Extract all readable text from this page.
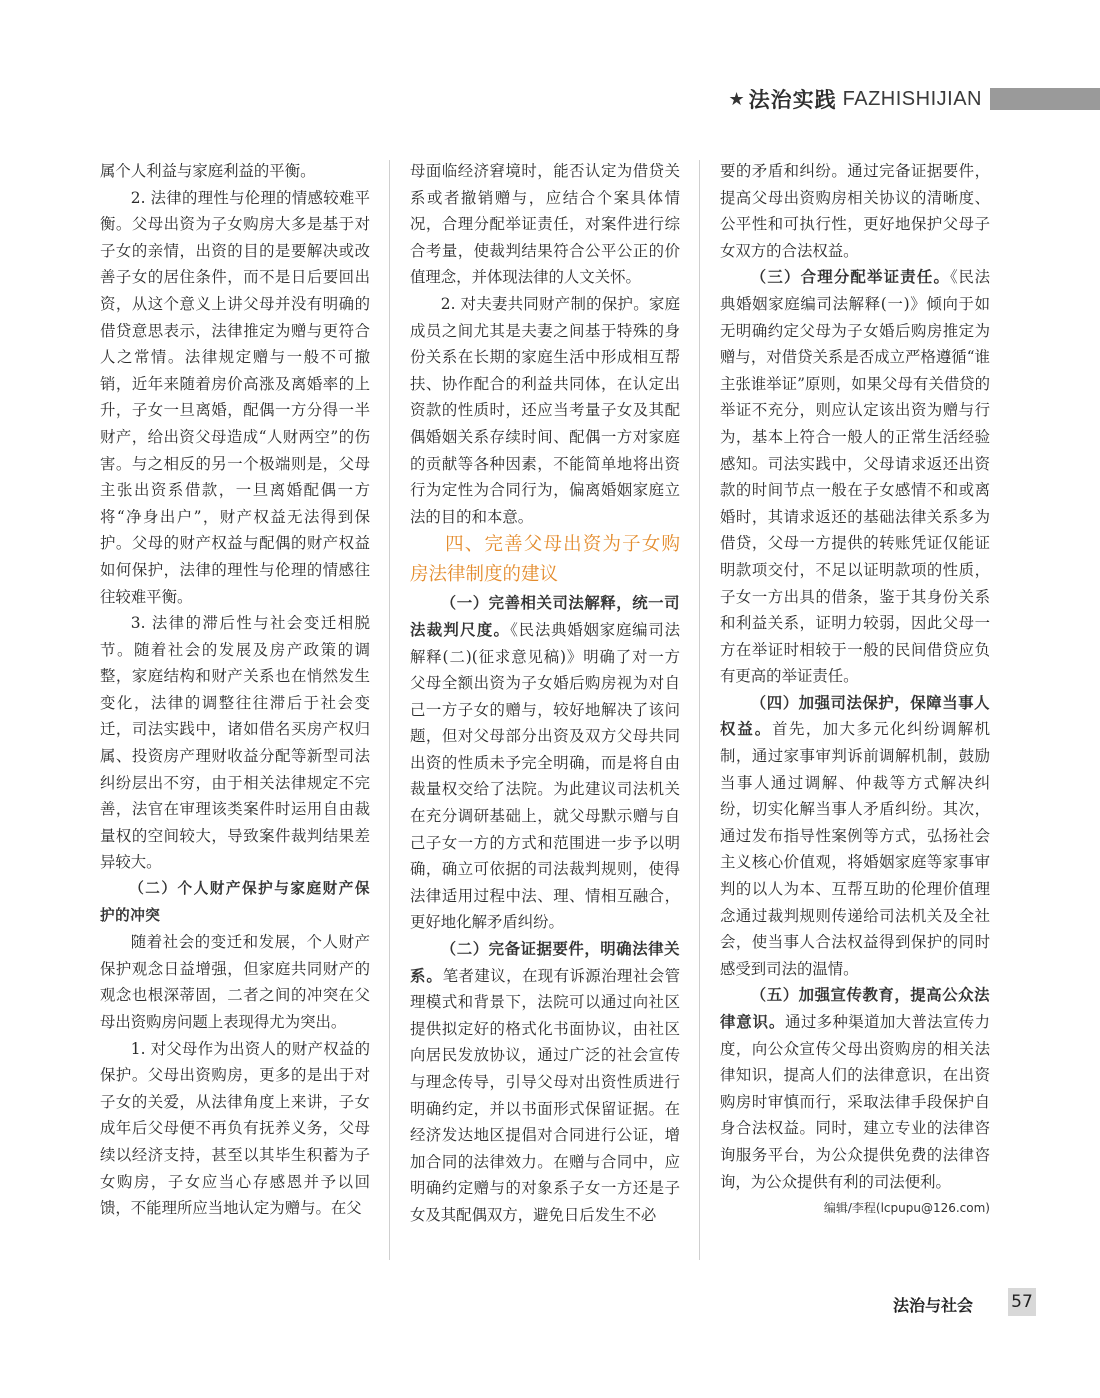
★ 法治实践 FAZHISHIJIAN

属个人利益与家庭利益的平衡。

2. 法律的理性与伦理的情感较难平衡。父母出资为子女购房大多是基于对子女的亲情，出资的目的是要解决或改善子女的居住条件，而不是日后要回出资，从这个意义上讲父母并没有明确的借贷意思表示，法律推定为赠与更符合人之常情。法律规定赠与一般不可撤销，近年来随着房价高涨及离婚率的上升，子女一旦离婚，配偶一方分得一半财产，给出资父母造成“人财两空”的伤害。与之相反的另一个极端则是，父母主张出资系借款，一旦离婚配偶一方将“净身出户”，财产权益无法得到保护。父母的财产权益与配偶的财产权益如何保护，法律的理性与伦理的情感往往较难平衡。

3. 法律的滞后性与社会变迁相脱节。随着社会的发展及房产政策的调整，家庭结构和财产关系也在悄然发生变化，法律的调整往往滞后于社会变迁，司法实践中，诸如借名买房产权归属、投资房产理财收益分配等新型司法纠纷层出不穷，由于相关法律规定不完善，法官在审理该类案件时运用自由裁量权的空间较大，导致案件裁判结果差异较大。

（二）个人财产保护与家庭财产保护的冲突

随着社会的变迁和发展，个人财产保护观念日益增强，但家庭共同财产的观念也根深蒂固，二者之间的冲突在父母出资购房问题上表现得尤为突出。

1. 对父母作为出资人的财产权益的保护。父母出资购房，更多的是出于对子女的关爱，从法律角度上来讲，子女成年后父母便不再负有抚养义务，父母续以经济支持，甚至以其毕生积蓄为子女购房，子女应当心存感恩并予以回馈，不能理所应当地认定为赠与。在父

母面临经济窘境时，能否认定为借贷关系或者撤销赠与，应结合个案具体情况，合理分配举证责任，对案件进行综合考量，使裁判结果符合公平公正的价值理念，并体现法律的人文关怀。

2. 对夫妻共同财产制的保护。家庭成员之间尤其是夫妻之间基于特殊的身份关系在长期的家庭生活中形成相互帮扶、协作配合的利益共同体，在认定出资款的性质时，还应当考量子女及其配偶婚姻关系存续时间、配偶一方对家庭的贡献等各种因素，不能简单地将出资行为定性为合同行为，偏离婚姻家庭立法的目的和本意。

四、完善父母出资为子女购房法律制度的建议

（一）完善相关司法解释，统一司法裁判尺度。《民法典婚姻家庭编司法解释(二)(征求意见稿)》明确了对一方父母全额出资为子女婚后购房视为对自己一方子女的赠与，较好地解决了该问题，但对父母部分出资及双方父母共同出资的性质未予完全明确，而是将自由裁量权交给了法院。为此建议司法机关在充分调研基础上，就父母默示赠与自己子女一方的方式和范围进一步予以明确，确立可依据的司法裁判规则，使得法律适用过程中法、理、情相互融合，更好地化解矛盾纠纷。

（二）完备证据要件，明确法律关系。笔者建议，在现有诉源治理社会管理模式和背景下，法院可以通过向社区提供拟定好的格式化书面协议，由社区向居民发放协议，通过广泛的社会宣传与理念传导，引导父母对出资性质进行明确约定，并以书面形式保留证据。在经济发达地区提倡对合同进行公证，增加合同的法律效力。在赠与合同中，应明确约定赠与的对象系子女一方还是子女及其配偶双方，避免日后发生不必

要的矛盾和纠纷。通过完备证据要件，提高父母出资购房相关协议的清晰度、公平性和可执行性，更好地保护父母子女双方的合法权益。

（三）合理分配举证责任。《民法典婚姻家庭编司法解释(一)》倾向于如无明确约定父母为子女婚后购房推定为赠与，对借贷关系是否成立严格遵循“谁主张谁举证”原则，如果父母有关借贷的举证不充分，则应认定该出资为赠与行为，基本上符合一般人的正常生活经验感知。司法实践中，父母请求返还出资款的时间节点一般在子女感情不和或离婚时，其请求返还的基础法律关系多为借贷，父母一方提供的转账凭证仅能证明款项交付，不足以证明款项的性质，子女一方出具的借条，鉴于其身份关系和利益关系，证明力较弱，因此父母一方在举证时相较于一般的民间借贷应负有更高的举证责任。

（四）加强司法保护，保障当事人权益。首先，加大多元化纠纷调解机制，通过家事审判诉前调解机制，鼓励当事人通过调解、仲裁等方式解决纠纷，切实化解当事人矛盾纠纷。其次，通过发布指导性案例等方式，弘扬社会主义核心价值观，将婚姻家庭等家事审判的以人为本、互帮互助的伦理价值理念通过裁判规则传递给司法机关及全社会，使当事人合法权益得到保护的同时感受到司法的温情。

（五）加强宣传教育，提高公众法律意识。通过多种渠道加大普法宣传力度，向公众宣传父母出资购房的相关法律知识，提高人们的法律意识，在出资购房时审慎而行，采取法律手段保护自身合法权益。同时，建立专业的法律咨询服务平台，为公众提供免费的法律咨询，为公众提供有利的司法便利。

编辑/李程(lcpupu@126.com)

法治与社会 57
